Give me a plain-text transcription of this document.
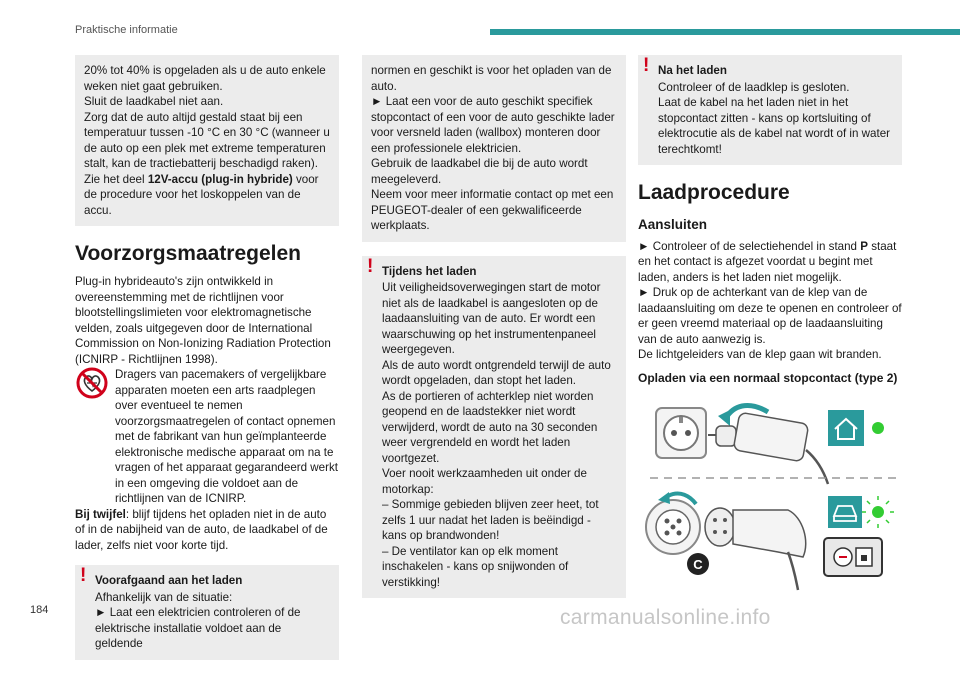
Praktische informatie

20% tot 40% is opgeladen als u de auto enkele weken niet gaat gebruiken.

Sluit de laadkabel niet aan.

Zorg dat de auto altijd gestald staat bij een temperatuur tussen -10 °C en 30 °C (wanneer u de auto op een plek met extreme temperaturen stalt, kan de tractiebatterij beschadigd raken).

Zie het deel 12V-accu (plug-in hybride) voor de procedure voor het loskoppelen van de accu.

Voorzorgsmaatregelen

Plug-in hybrideauto's zijn ontwikkeld in overeenstemming met de richtlijnen voor blootstellingslimieten voor elektromagnetische velden, zoals uitgegeven door de International Commission on Non-Ionizing Radiation Protection (ICNIRP - Richtlijnen 1998).

Dragers van pacemakers of vergelijkbare apparaten moeten een arts raadplegen over eventueel te nemen voorzorgsmaatregelen of contact opnemen met de fabrikant van hun geïmplanteerde elektronische medische apparaat om na te vragen of het apparaat gegarandeerd werkt in een omgeving die voldoet aan de richtlijnen van de ICNIRP.

Bij twijfel: blijf tijdens het opladen niet in de auto of in de nabijheid van de auto, de laadkabel of de lader, zelfs niet voor korte tijd.

! Voorafgaand aan het laden

Afhankelijk van de situatie:

► Laat een elektricien controleren of de elektrische installatie voldoet aan de geldende

normen en geschikt is voor het opladen van de auto.

► Laat een voor de auto geschikt specifiek stopcontact of een voor de auto geschikte lader voor versneld laden (wallbox) monteren door een professionele elektricien.

Gebruik de laadkabel die bij de auto wordt meegeleverd.

Neem voor meer informatie contact op met een PEUGEOT-dealer of een gekwalificeerde werkplaats.

! Tijdens het laden

Uit veiligheidsoverwegingen start de motor niet als de laadkabel is aangesloten op de laadaansluiting van de auto. Er wordt een waarschuwing op het instrumentenpaneel weergegeven.

Als de auto wordt ontgrendeld terwijl de auto wordt opgeladen, dan stopt het laden.

As de portieren of achterklep niet worden geopend en de laadstekker niet wordt verwijderd, wordt de auto na 30 seconden weer vergrendeld en wordt het laden voortgezet.

Voer nooit werkzaamheden uit onder de motorkap:

– Sommige gebieden blijven zeer heet, tot zelfs 1 uur nadat het laden is beëindigd - kans op brandwonden!

– De ventilator kan op elk moment inschakelen - kans op snijwonden of verstikking!

! Na het laden

Controleer of de laadklep is gesloten.

Laat de kabel na het laden niet in het stopcontact zitten - kans op kortsluiting of elektrocutie als de kabel nat wordt of in water terechtkomt!

Laadprocedure
Aansluiten

► Controleer of de selectiehendel in stand P staat en het contact is afgezet voordat u begint met laden, anders is het laden niet mogelijk.

► Druk op de achterkant van de klep van de laadaansluiting om deze te openen en controleer of er geen vreemd materiaal op de laadaansluiting van de auto aanwezig is.

De lichtgeleiders van de klep gaan wit branden.

Opladen via een normaal stopcontact (type 2)
C
184	carmanualsonline.info
